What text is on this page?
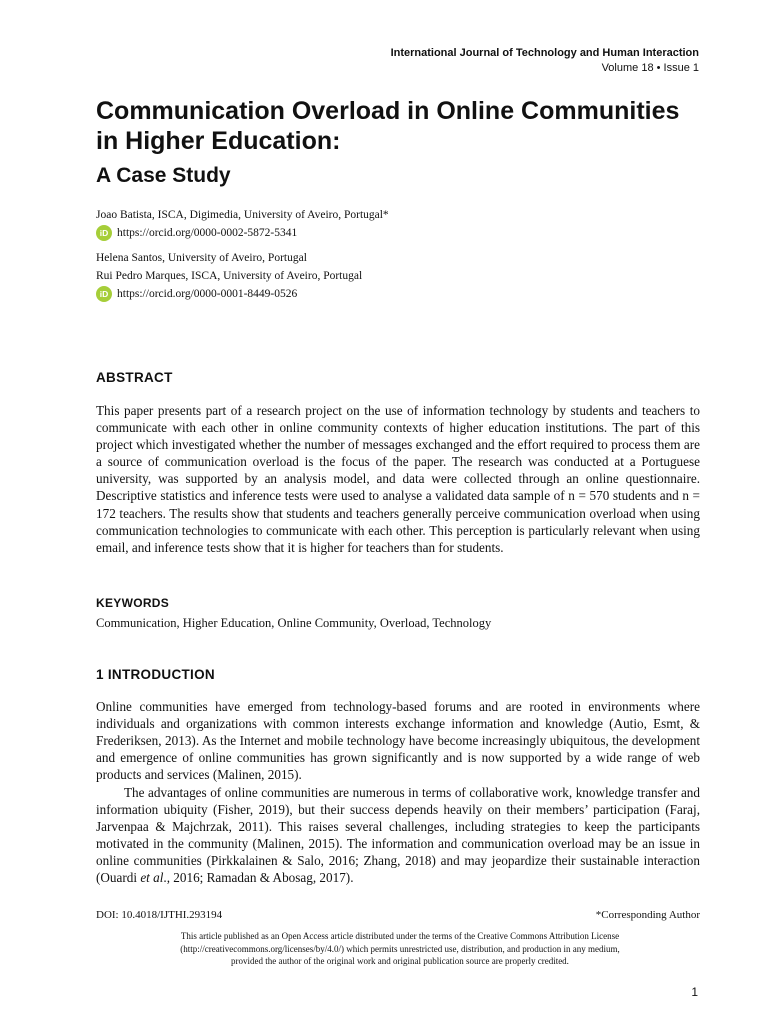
International Journal of Technology and Human Interaction
Volume 18 • Issue 1
Communication Overload in Online Communities in Higher Education:
A Case Study
Joao Batista, ISCA, Digimedia, University of Aveiro, Portugal*
iD https://orcid.org/0000-0002-5872-5341
Helena Santos, University of Aveiro, Portugal
Rui Pedro Marques, ISCA, University of Aveiro, Portugal
iD https://orcid.org/0000-0001-8449-0526
ABSTRACT
This paper presents part of a research project on the use of information technology by students and teachers to communicate with each other in online community contexts of higher education institutions. The part of this project which investigated whether the number of messages exchanged and the effort required to process them are a source of communication overload is the focus of the paper. The research was conducted at a Portuguese university, was supported by an analysis model, and data were collected through an online questionnaire. Descriptive statistics and inference tests were used to analyse a validated data sample of n = 570 students and n = 172 teachers. The results show that students and teachers generally perceive communication overload when using communication technologies to communicate with each other. This perception is particularly relevant when using email, and inference tests show that it is higher for teachers than for students.
KEYWORDS
Communication, Higher Education, Online Community, Overload, Technology
1 INTRODUCTION
Online communities have emerged from technology-based forums and are rooted in environments where individuals and organizations with common interests exchange information and knowledge (Autio, Esmt, & Frederiksen, 2013). As the Internet and mobile technology have become increasingly ubiquitous, the development and emergence of online communities has grown significantly and is now supported by a wide range of web products and services (Malinen, 2015).
The advantages of online communities are numerous in terms of collaborative work, knowledge transfer and information ubiquity (Fisher, 2019), but their success depends heavily on their members’ participation (Faraj, Jarvenpaa & Majchrzak, 2011). This raises several challenges, including strategies to keep the participants motivated in the community (Malinen, 2015). The information and communication overload may be an issue in online communities (Pirkkalainen & Salo, 2016; Zhang, 2018) and may jeopardize their sustainable interaction (Ouardi et al., 2016; Ramadan & Abosag, 2017).
DOI: 10.4018/IJTHI.293194	*Corresponding Author
This article published as an Open Access article distributed under the terms of the Creative Commons Attribution License
(http://creativecommons.org/licenses/by/4.0/) which permits unrestricted use, distribution, and production in any medium,
provided the author of the original work and original publication source are properly credited.
1
